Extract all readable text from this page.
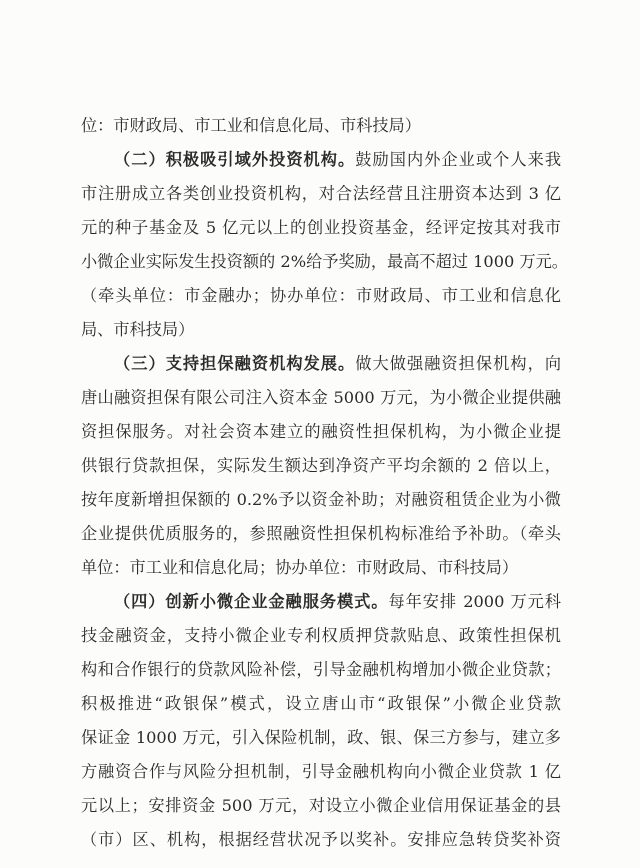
位：市财政局、市工业和信息化局、市科技局）
（二）积极吸引域外投资机构。鼓励国内外企业或个人来我
市注册成立各类创业投资机构，对合法经营且注册资本达到 3 亿
元的种子基金及 5 亿元以上的创业投资基金，经评定按其对我市
小微企业实际发生投资额的 2%给予奖励，最高不超过 1000 万元。
（牵头单位：市金融办；协办单位：市财政局、市工业和信息化
局、市科技局）
（三）支持担保融资机构发展。做大做强融资担保机构，向
唐山融资担保有限公司注入资本金 5000 万元，为小微企业提供融
资担保服务。对社会资本建立的融资性担保机构，为小微企业提
供银行贷款担保，实际发生额达到净资产平均余额的 2 倍以上，
按年度新增担保额的 0.2%予以资金补助；对融资租赁企业为小微
企业提供优质服务的，参照融资性担保机构标准给予补助。（牵头
单位：市工业和信息化局；协办单位：市财政局、市科技局）
（四）创新小微企业金融服务模式。每年安排 2000 万元科
技金融资金，支持小微企业专利权质押贷款贴息、政策性担保机
构和合作银行的贷款风险补偿，引导金融机构增加小微企业贷款；
积极推进“政银保”模式，设立唐山市“政银保”小微企业贷款
保证金 1000 万元，引入保险机制，政、银、保三方参与，建立多
方融资合作与风险分担机制，引导金融机构向小微企业贷款 1 亿
元以上；安排资金 500 万元，对设立小微企业信用保证基金的县
（市）区、机构，根据经营状况予以奖补。安排应急转贷奖补资
